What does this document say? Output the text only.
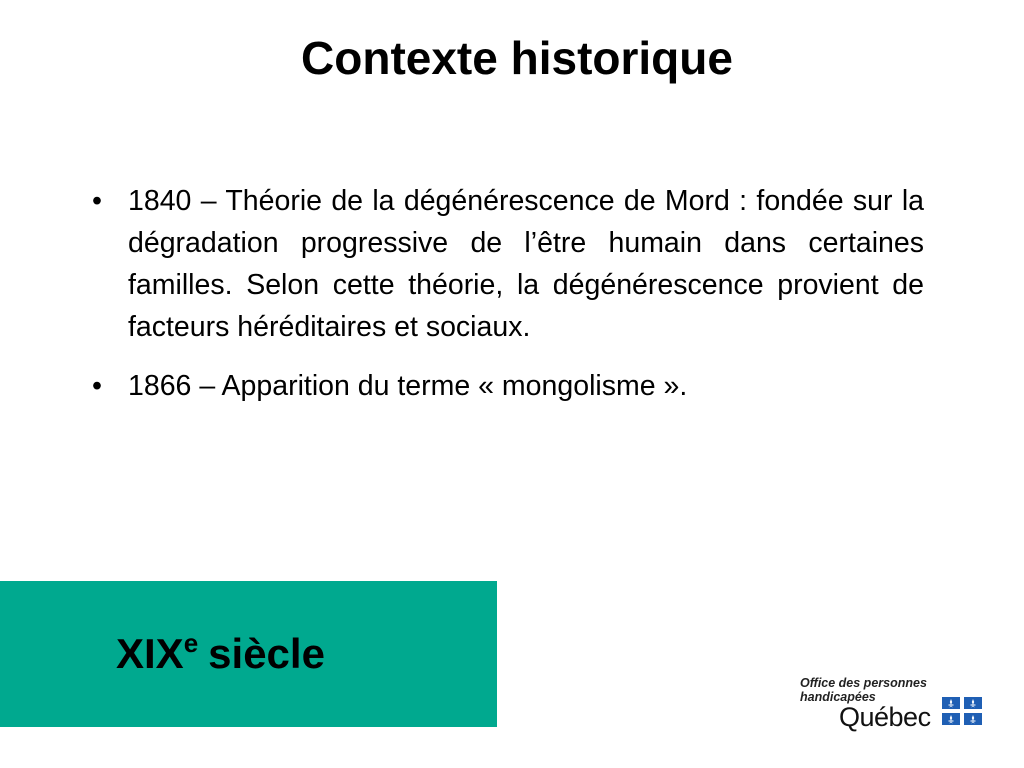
Contexte historique
• 1840 – Théorie de la dégénérescence de Mord : fondée sur la dégradation progressive de l’être humain dans certaines familles. Selon cette théorie, la dégénérescence provient de facteurs héréditaires et sociaux.
• 1866 – Apparition du terme « mongolisme ».

XIXe siècle

Office des personnes
handicapées

Québec
